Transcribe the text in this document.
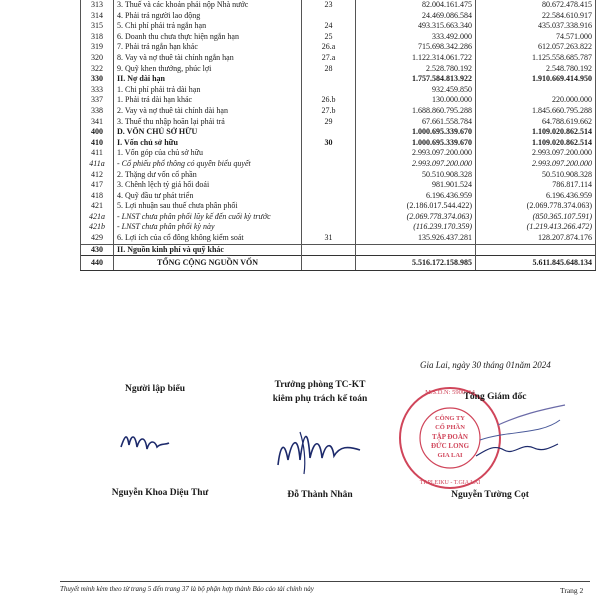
313	3. Thuế và các khoản phải nộp Nhà nước	23	82.004.161.475	80.672.478.415
314	4. Phải trả người lao động		24.469.086.584	22.584.610.917
315	5. Chi phí phải trả ngắn hạn	24	493.315.663.340	435.037.338.916
318	6. Doanh thu chưa thực hiện ngắn hạn	25	333.492.000	74.571.000
319	7. Phải trả ngắn hạn khác	26.a	715.698.342.286	612.057.263.822
320	8. Vay và nợ thuê tài chính ngắn hạn	27.a	1.122.314.061.722	1.125.558.685.787
322	9. Quỹ khen thưởng, phúc lợi	28	2.528.780.192	2.548.780.192
330	II. Nợ dài hạn		1.757.584.813.922	1.910.669.414.950
333	1. Chi phí phải trả dài hạn		932.459.850	
337	1. Phải trả dài hạn khác	26.b	130.000.000	220.000.000
338	2. Vay và nợ thuê tài chính dài hạn	27.b	1.688.860.795.288	1.845.660.795.288
341	3. Thuế thu nhập hoãn lại phải trả	29	67.661.558.784	64.788.619.662
400	D. VỐN CHỦ SỞ HỮU		1.000.695.339.670	1.109.020.862.514
410	I. Vốn chủ sở hữu	30	1.000.695.339.670	1.109.020.862.514
411	1. Vốn góp của chủ sở hữu		2.993.097.200.000	2.993.097.200.000
411a	- Cổ phiếu phổ thông có quyền biểu quyết		2.993.097.200.000	2.993.097.200.000
412	2. Thặng dư vốn cổ phần		50.510.908.328	50.510.908.328
417	3. Chênh lệch tỷ giá hối đoái		981.901.524	786.817.114
418	4. Quỹ đầu tư phát triển		6.196.436.959	6.196.436.959
421	5. Lợi nhuận sau thuế chưa phân phối		(2.186.017.544.422)	(2.069.778.374.063)
421a	- LNST chưa phân phối lũy kế đến cuối kỳ trước		(2.069.778.374.063)	(850.365.107.591)
421b	- LNST chưa phân phối kỳ này		(116.239.170.359)	(1.219.413.266.472)
429	6. Lợi ích của cổ đông không kiểm soát	31	135.926.437.281	128.207.874.176
430	II. Nguồn kinh phí và quỹ khác			
440	TỔNG CỘNG NGUỒN VỐN		5.516.172.158.985	5.611.845.648.134
Gia Lai, ngày 30 tháng 01năm 2024
Người lập biểu	Trưởng phòng TC-KT
kiêm phụ trách kế toán
M.S.D.N: 5900414
CÔNG TY
CỔ PHẦN
TẬP ĐOÀN
ĐỨC LONG
GIA LAI
TP.PLEIKU - T.GIA LAI
Tổng Giám đốc
Nguyễn Khoa Diệu Thư	Đỗ Thành Nhân	Nguyễn Tường Cọt
Thuyết minh kèm theo từ trang 5 đến trang 37 là bộ phận hợp thành Báo cáo tài chính này	Trang 2
